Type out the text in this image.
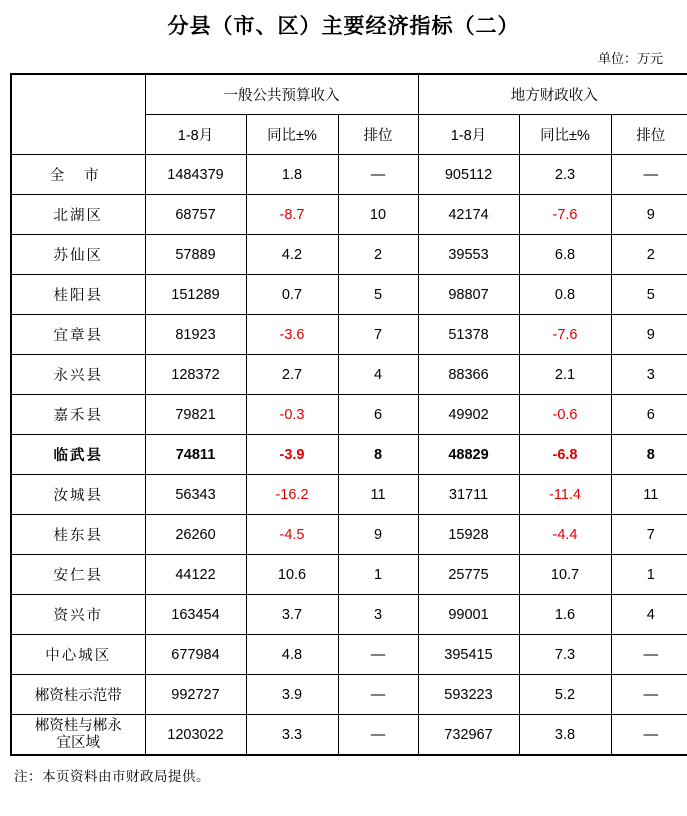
分县（市、区）主要经济指标（二）
单位：万元
	一般公共预算收入			地方财政收入		
	1-8月	同比±%	排位	1-8月	同比±%	排位
全 市	1484379	1.8	—	905112	2.3	—
北湖区	68757	-8.7	10	42174	-7.6	9
苏仙区	57889	4.2	2	39553	6.8	2
桂阳县	151289	0.7	5	98807	0.8	5
宜章县	81923	-3.6	7	51378	-7.6	9
永兴县	128372	2.7	4	88366	2.1	3
嘉禾县	79821	-0.3	6	49902	-0.6	6
临武县	74811	-3.9	8	48829	-6.8	8
汝城县	56343	-16.2	11	31711	-11.4	11
桂东县	26260	-4.5	9	15928	-4.4	7
安仁县	44122	10.6	1	25775	10.7	1
资兴市	163454	3.7	3	99001	1.6	4
中心城区	677984	4.8	—	395415	7.3	—
郴资桂示范带	992727	3.9	—	593223	5.2	—

郴资桂与郴永
宜区域	1203022	3.3	—	732967	3.8	—
注：本页资料由市财政局提供。
